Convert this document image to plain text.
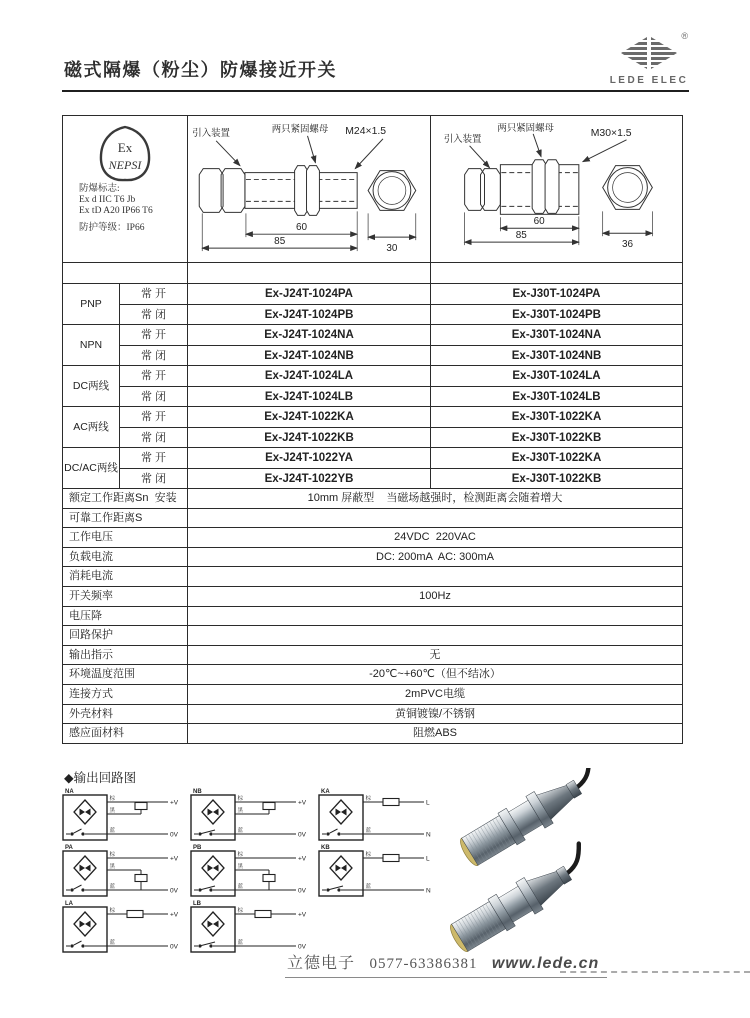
磁式隔爆（粉尘）防爆接近开关
®
LEDE ELEC
Ex
NEPSI
防爆标志:
Ex d IIC T6 Jb
Ex tD A20 IP66 T6
防护等级：IP66
引入装置	两只紧固螺母 M24×1.5
60
85
30
引入装置
两只紧固螺母
M30×1.5
60
85
36
PNP
常 开	Ex-J24T-1024PA	Ex-J30T-1024PA
常 闭	Ex-J24T-1024PB	Ex-J30T-1024PB
NPN
常 开	Ex-J24T-1024NA	Ex-J30T-1024NA
常 闭	Ex-J24T-1024NB	Ex-J30T-1024NB
DC两线
常 开	Ex-J24T-1024LA	Ex-J30T-1024LA
常 闭	Ex-J24T-1024LB	Ex-J30T-1024LB
AC两线
常 开	Ex-J24T-1022KA	Ex-J30T-1022KA
常 闭	Ex-J24T-1022KB	Ex-J30T-1022KB
DC/AC两线
常 开	Ex-J24T-1022YA	Ex-J30T-1022KA
常 闭	Ex-J24T-1022YB	Ex-J30T-1022KB
额定工作距离Sn  安装	10mm 屏蔽型    当磁场越强时，检测距离会随着增大
可靠工作距离S
工作电压	24VDC  220VAC
负载电流	DC: 200mA  AC: 300mA
消耗电流
开关频率	100Hz
电压降
回路保护
输出指示	无
环境温度范围	-20℃~+60℃（但不结冰）
连接方式	2mPVC电缆
外壳材料	黄铜镀镍/不锈钢
感应面材料	阻燃ABS
◆输出回路图
NA
蓝
棕
黑
+V
0V
NB
蓝
棕
黑
+V
0V
KA
蓝
棕
L
N
PA
蓝
棕
黑
+V
0V
PB
蓝
棕
黑
+V
0V
KB
蓝
棕
L
N
LA
蓝
棕
+V
0V
LB
蓝
棕
+V
0V
立德电子 0577-63386381 www.lede.cn
